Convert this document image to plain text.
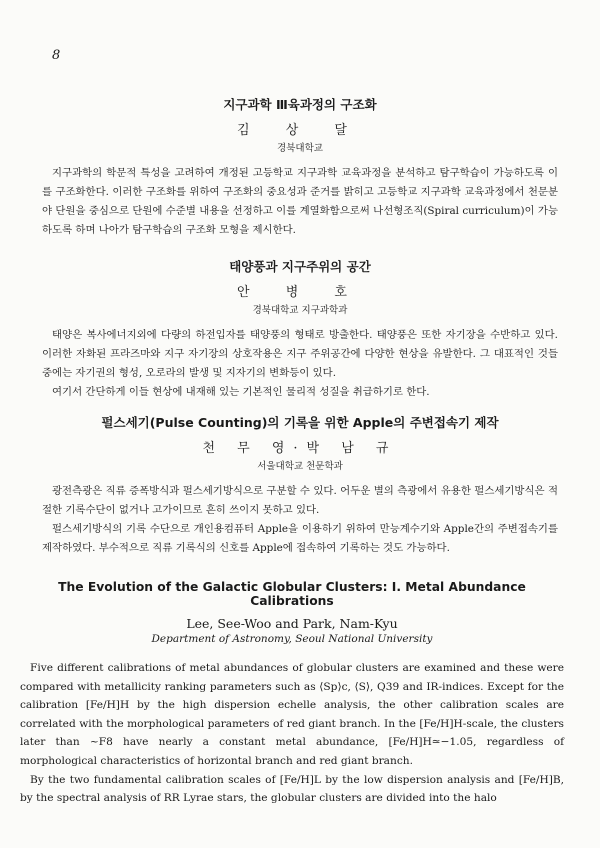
8
지구과학 Ⅲ육과정의 구조화
김 상 달
경북대학교

지구과학의 학문적 특성을 고려하여 개정된 고등학교 지구과학 교육과정을 분석하고 탐구학습이 가능하도록 이를 구조화한다. 이러한 구조화를 위하여 구조화의 중요성과 준거를 밝히고 고등학교 지구과학 교육과정에서 천문분야 단원을 중심으로 단원에 수준별 내용을 선정하고 이를 계열화함으로써 나선형조직(Spiral curriculum)이 가능하도록 하며 나아가 탐구학습의 구조화 모형을 제시한다.

태양풍과 지구주위의 공간
안 병 호
경북대학교 지구과학과

태양은 복사에너지외에 다량의 하전입자를 태양풍의 형태로 방출한다. 태양풍은 또한 자기장을 수반하고 있다. 이러한 자화된 프라즈마와 지구 자기장의 상호작용은 지구 주위공간에 다양한 현상을 유발한다. 그 대표적인 것들 중에는 자기권의 형성, 오로라의 발생 및 지자기의 변화등이 있다.

여기서 간단하게 이들 현상에 내재해 있는 기본적인 물리적 성질을 취급하기로 한다.

펄스세기(Pulse Counting)의 기록을 위한 Apple의 주변접속기 제작
천 무 영·박 남 규
서울대학교 천문학과

광전측광은 직류 증폭방식과 펄스세기방식으로 구분할 수 있다. 어두운 별의 측광에서 유용한 펄스세기방식은 적절한 기록수단이 없거나 고가이므로 흔히 쓰이지 못하고 있다.

펄스세기방식의 기록 수단으로 개인용컴퓨터 Apple을 이용하기 위하여 만능계수기와 Apple간의 주변접속기를 제작하였다. 부수적으로 직류 기록식의 신호를 Apple에 접속하여 기록하는 것도 가능하다.

The Evolution of the Galactic Globular Clusters: I. Metal Abundance Calibrations
Lee, See-Woo and Park, Nam-Kyu
Department of Astronomy, Seoul National University

Five different calibrations of metal abundances of globular clusters are examined and these were compared with metallicity ranking parameters such as ⟨Sp⟩c, ⟨S⟩, Q39 and IR-indices. Except for the calibration [Fe/H]H by the high dispersion echelle analysis, the other calibration scales are correlated with the morphological parameters of red giant branch. In the [Fe/H]H-scale, the clusters later than ~F8 have nearly a constant metal abundance, [Fe/H]H≃−1.05, regardless of morphological characteristics of horizontal branch and red giant branch.

By the two fundamental calibration scales of [Fe/H]L by the low dispersion analysis and [Fe/H]B, by the spectral analysis of RR Lyrae stars, the globular clusters are divided into the halo
